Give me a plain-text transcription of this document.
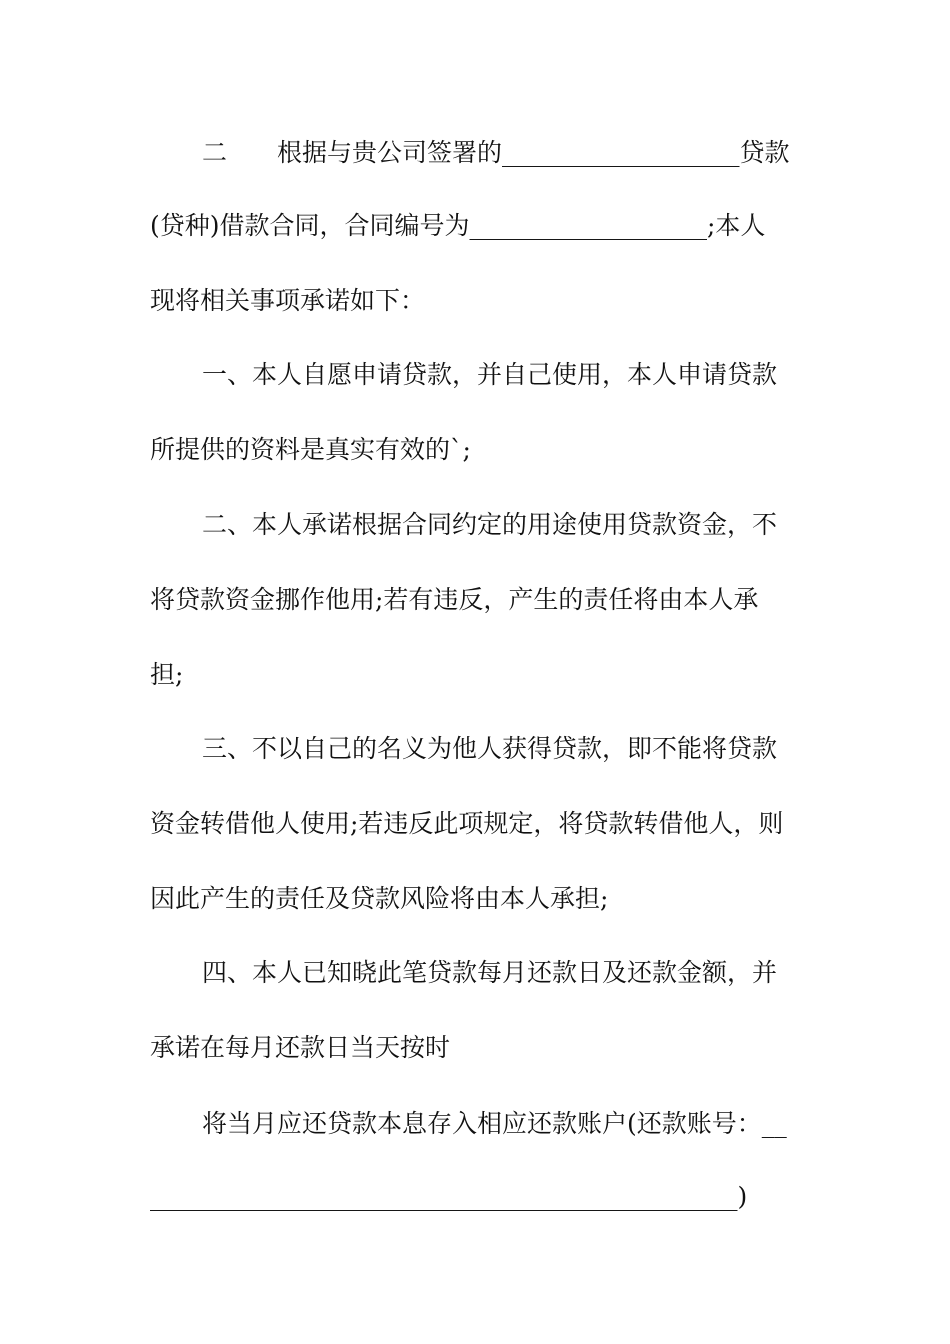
二　　根据与贵公司签署的___________________贷款
(贷种)借款合同，合同编号为___________________;本人
现将相关事项承诺如下：
一、本人自愿申请贷款，并自己使用，本人申请贷款
所提供的资料是真实有效的`;
二、本人承诺根据合同约定的用途使用贷款资金，不
将贷款资金挪作他用;若有违反，产生的责任将由本人承
担;
三、不以自己的名义为他人获得贷款，即不能将贷款
资金转借他人使用;若违反此项规定，将贷款转借他人，则
因此产生的责任及贷款风险将由本人承担;
四、本人已知晓此笔贷款每月还款日及还款金额，并
承诺在每月还款日当天按时
将当月应还贷款本息存入相应还款账户(还款账号：__
_______________________________________________)
